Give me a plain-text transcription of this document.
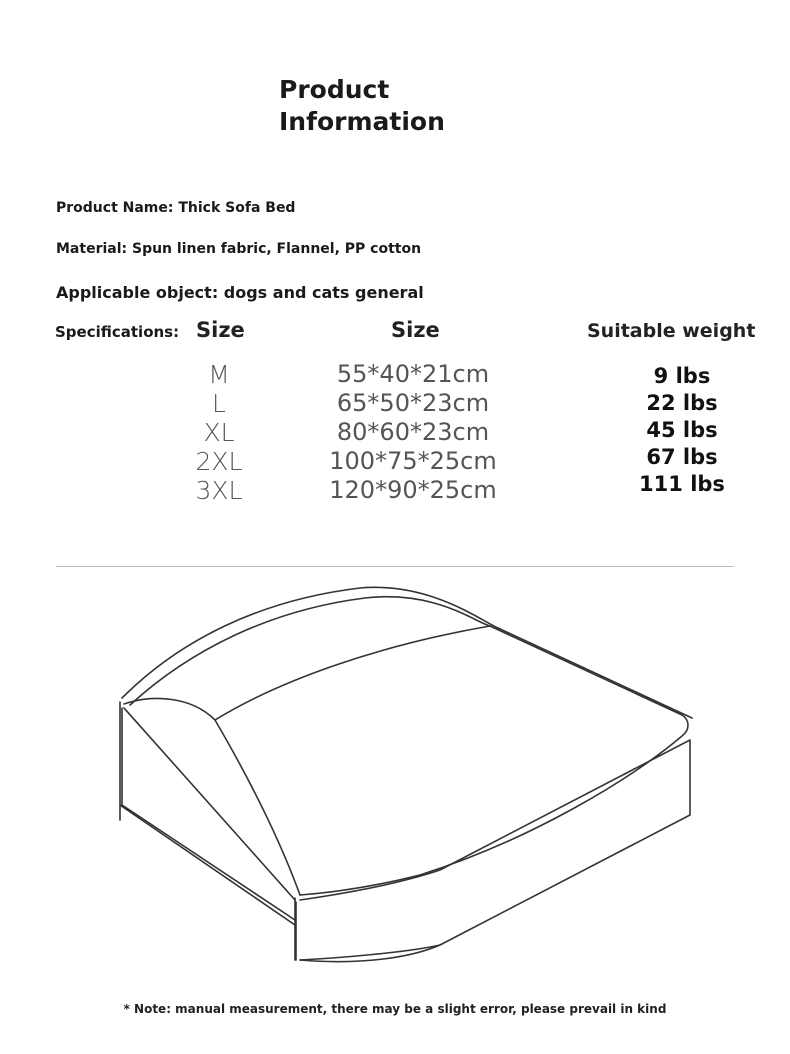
Product
Information
Product Name: Thick Sofa Bed
Material: Spun linen fabric, Flannel, PP cotton
Applicable object: dogs and cats general
Specifications: Size	Size	Suitable weight
M
L
XL
2XL
3XL
55*40*21cm
65*50*23cm
80*60*23cm
100*75*25cm
120*90*25cm
9 lbs
22 lbs
45 lbs
67 lbs
111 lbs
* Note: manual measurement, there may be a slight error, please prevail in kind
